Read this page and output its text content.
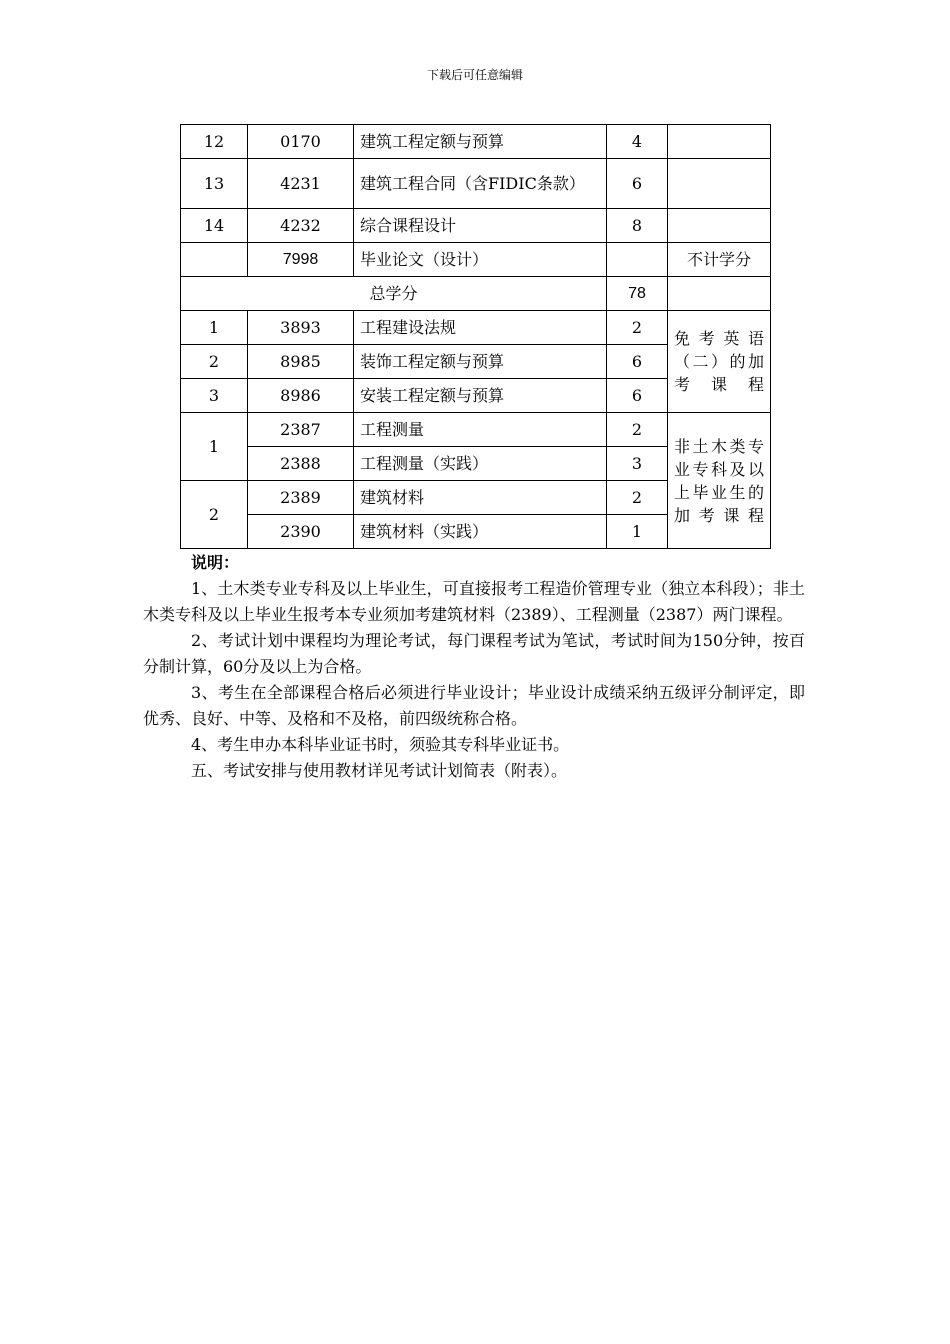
下载后可任意编辑
12	0170	建筑工程定额与预算	4	
13	4231	建筑工程合同（含FIDIC条款）	6	
14	4232	综合课程设计	8	
	7998	毕业论文（设计）		不计学分
总学分			78	
1	3893	工程建设法规	2	免考英语（二）的加考课程
2	8985	装饰工程定额与预算	6	
3	8986	安装工程定额与预算	6	
1	2387	工程测量	2	非土木类专业专科及以上毕业生的加考课程
	2388	工程测量（实践）	3	
2	2389	建筑材料	2	
	2390	建筑材料（实践）	1	
说明：

1、土木类专业专科及以上毕业生，可直接报考工程造价管理专业（独立本科段）；非土木类专科及以上毕业生报考本专业须加考建筑材料（2389）、工程测量（2387）两门课程。

2、考试计划中课程均为理论考试，每门课程考试为笔试，考试时间为150分钟，按百分制计算，60分及以上为合格。

3、考生在全部课程合格后必须进行毕业设计；毕业设计成绩采纳五级评分制评定，即优秀、良好、中等、及格和不及格，前四级统称合格。

4、考生申办本科毕业证书时，须验其专科毕业证书。

五、考试安排与使用教材详见考试计划简表（附表）。
